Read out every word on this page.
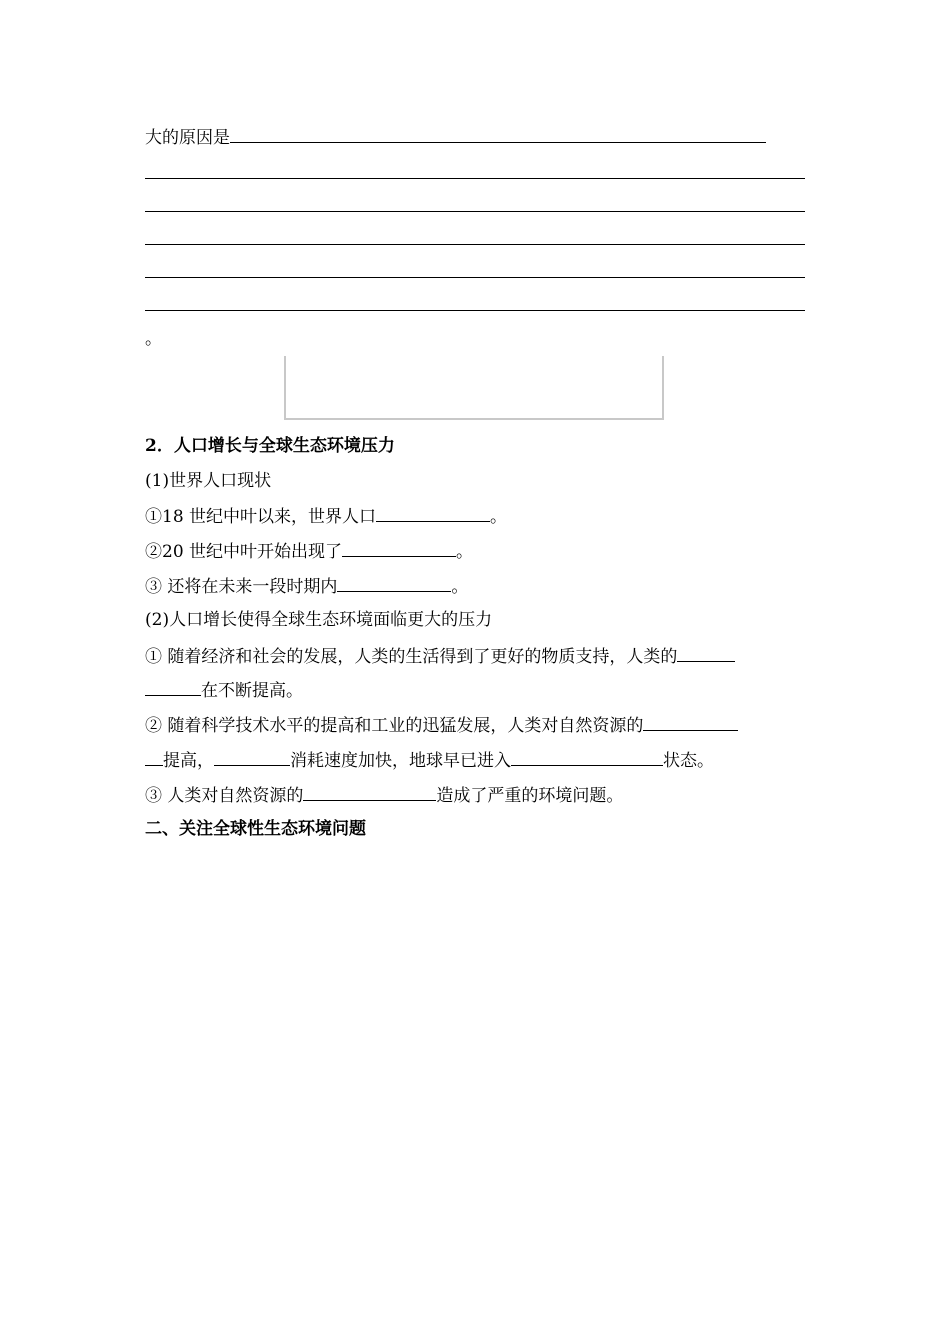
大的原因是
。
2．人口增长与全球生态环境压力
(1)世界人口现状
①18 世纪中叶以来，世界人口	。
②20 世纪中叶开始出现了	。
③ 还将在未来一段时期内	。
(2)人口增长使得全球生态环境面临更大的压力
① 随着经济和社会的发展，人类的生活得到了更好的物质支持，人类的
在不断提高。
② 随着科学技术水平的提高和工业的迅猛发展，人类对自然资源的
提高，	消耗速度加快，地球早已进入	状态。
③ 人类对自然资源的	造成了严重的环境问题。
二、关注全球性生态环境问题
